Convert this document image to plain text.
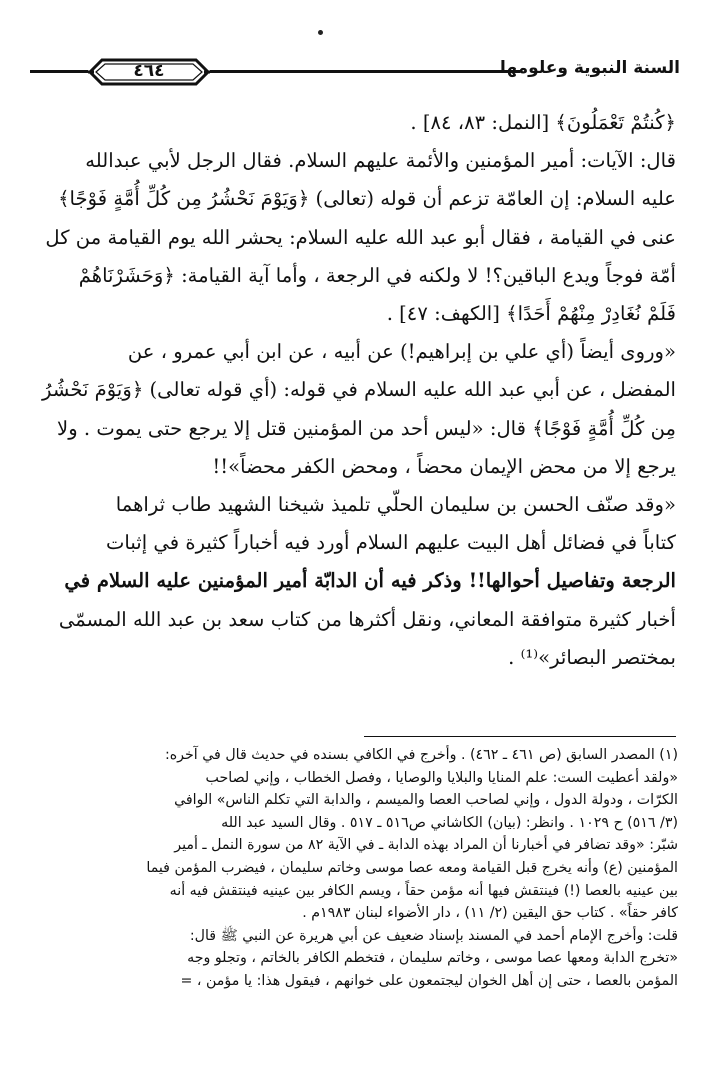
السنة النبوية وعلومها
٤٦٤

﴿كُنتُمْ تَعْمَلُونَ﴾ [النمل: ٨٣، ٨٤] .

قال: الآيات: أمير المؤمنين والأئمة عليهم السلام. فقال الرجل لأبي عبدالله

عليه السلام: إن العامّة تزعم أن قوله (تعالى) ﴿وَيَوْمَ نَحْشُرُ مِن كُلِّ أُمَّةٍ فَوْجًا﴾

عنى في القيامة ، فقال أبو عبد الله عليه السلام: يحشر الله يوم القيامة من كل

أمّة فوجاً ويدع الباقين؟! لا ولكنه في الرجعة ، وأما آية القيامة: ﴿وَحَشَرْنَاهُمْ

فَلَمْ نُغَادِرْ مِنْهُمْ أَحَدًا﴾ [الكهف: ٤٧] .

«وروى أيضاً (أي علي بن إبراهيم!) عن أبيه ، عن ابن أبي عمرو ، عن

المفضل ، عن أبي عبد الله عليه السلام في قوله: (أي قوله تعالى) ﴿وَيَوْمَ نَحْشُرُ

مِن كُلِّ أُمَّةٍ فَوْجًا﴾ قال: «ليس أحد من المؤمنين قتل إلا يرجع حتى يموت . ولا

يرجع إلا من محض الإيمان محضاً ، ومحض الكفر محضاً»!!

«وقد صنّف الحسن بن سليمان الحلّي تلميذ شيخنا الشهيد طاب ثراهما

كتاباً في فضائل أهل البيت عليهم السلام أورد فيه أخباراً كثيرة في إثبات

الرجعة وتفاصيل أحوالها!! وذكر فيه أن الدابّة أمير المؤمنين عليه السلام في

أخبار كثيرة متوافقة المعاني، ونقل أكثرها من كتاب سعد بن عبد الله المسمّى

بمختصر البصائر»⁽¹⁾ .

(١) المصدر السابق (ص ٤٦١ ـ ٤٦٢) . وأخرج في الكافي بسنده في حديث قال في آخره:

«ولقد أعطيت الست: علم المنايا والبلايا والوصايا ، وفصل الخطاب ، وإني لصاحب

الكرّات ، ودولة الدول ، وإني لصاحب العصا والميسم ، والدابة التي تكلم الناس» الوافي

(٣/ ٥١٦) ح ١٠٢٩ . وانظر: (بيان) الكاشاني ص٥١٦ ـ ٥١٧ . وقال السيد عبد الله

شبّر: «وقد تضافر في أخبارنا أن المراد بهذه الدابة ـ في الآية ٨٢ من سورة النمل ـ أمير

المؤمنين (ع) وأنه يخرج قبل القيامة ومعه عصا موسى وخاتم سليمان ، فيضرب المؤمن فيما

بين عينيه بالعصا (!) فينتقش فيها أنه مؤمن حقاً ، ويسم الكافر بين عينيه فينتقش فيه أنه

كافر حقاً» . كتاب حق اليقين (٢/ ١١) ، دار الأضواء لبنان ١٩٨٣م .

قلت: وأخرج الإمام أحمد في المسند بإسناد ضعيف عن أبي هريرة عن النبي ﷺ قال:

«تخرج الدابة ومعها عصا موسى ، وخاتم سليمان ، فتخطم الكافر بالخاتم ، وتجلو وجه

المؤمن بالعصا ، حتى إن أهل الخوان ليجتمعون على خوانهم ، فيقول هذا: يا مؤمن ، =
